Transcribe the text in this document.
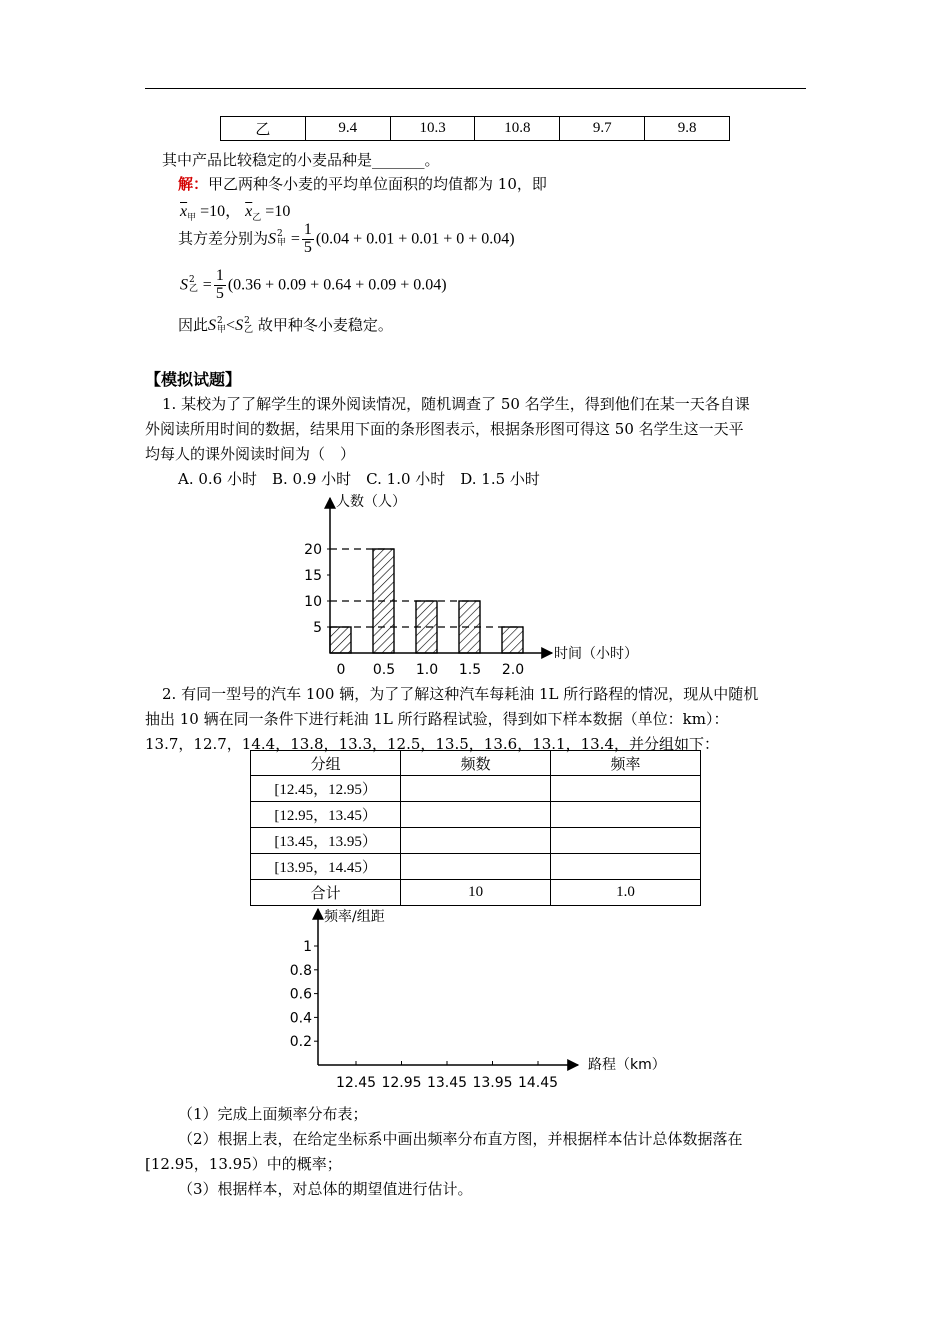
乙	9.4	10.3	10.8	9.7	9.8
其中产品比较稳定的小麦品种是_______。
解：甲乙两种冬小麦的平均单位面积的均值都为 10，即
$\overline{x}_甲 =10$， $\overline{x}_乙 =10$
其方差分别为S 2
甲 = $\frac{1}{5} (0.04 + 0.01 + 0.01 + 0 + 0.04)$
S 2
乙 = $\frac{1}{5} (0.36 + 0.09 + 0.64 + 0.09 + 0.04)$
因此S 2
甲 <S 2
乙 故甲种冬小麦稳定。
【模拟试题】
1. 某校为了了解学生的课外阅读情况，随机调查了 50 名学生，得到他们在某一天各自课
外阅读所用时间的数据，结果用下面的条形图表示，根据条形图可得这 50 名学生这一天平
均每人的课外阅读时间为（　）
A. 0.6 小时　B. 0.9 小时　C. 1.0 小时　D. 1.5 小时
人数（人）
时间（小时）
5
10
15
20
0 0.5 1.0 1.5 2.0
2. 有同一型号的汽车 100 辆，为了了解这种汽车每耗油 1L 所行路程的情况，现从中随机
抽出 10 辆在同一条件下进行耗油 1L 所行路程试验，得到如下样本数据（单位：km）：
13.7，12.7，14.4，13.8，13.3，12.5，13.5，13.6，13.1，13.4，并分组如下：
分组	频数	频率
[12.45，12.95）		
[12.95，13.45）		
[13.45，13.95）		
[13.95，14.45）		
合计	10	1.0
频率/组距
路程（km）
0.2
0.4
0.6
0.8
1
12.45 12.95 13.45 13.95 14.45
（1）完成上面频率分布表；
（2）根据上表，在给定坐标系中画出频率分布直方图，并根据样本估计总体数据落在
[12.95，13.95）中的概率；
（3）根据样本，对总体的期望值进行估计。
